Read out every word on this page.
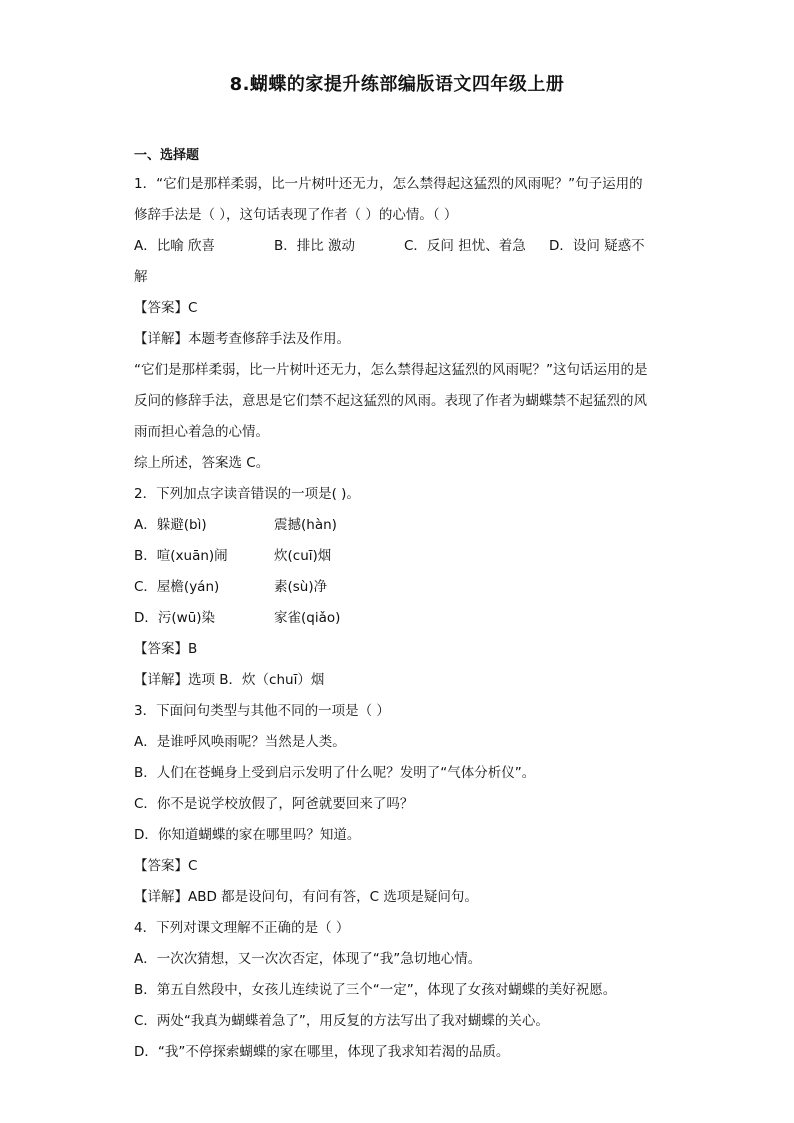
8.蝴蝶的家提升练部编版语文四年级上册
一、选择题
1．“它们是那样柔弱，比一片树叶还无力，怎么禁得起这猛烈的风雨呢？”句子运用的
修辞手法是（ ），这句话表现了作者（ ）的心情。（ ）
A．比喻 欣喜	B．排比 激动	C．反问 担忧、着急 D．设问 疑惑不
解
【答案】C
【详解】本题考查修辞手法及作用。
“它们是那样柔弱，比一片树叶还无力，怎么禁得起这猛烈的风雨呢？”这句话运用的是
反问的修辞手法，意思是它们禁不起这猛烈的风雨。表现了作者为蝴蝶禁不起猛烈的风
雨而担心着急的心情。
综上所述，答案选 C。
2．下列加点字读音错误的一项是( )。
A．躲避(bì)	震撼(hàn)
B．喧(xuān)闹	炊(cuī)烟
C．屋檐(yán)	素(sù)净
D．污(wū)染	家雀(qiǎo)
【答案】B
【详解】选项 B．炊（chuī）烟
3．下面问句类型与其他不同的一项是（ ）
A．是谁呼风唤雨呢？当然是人类。
B．人们在苍蝇身上受到启示发明了什么呢？发明了“气体分析仪”。
C．你不是说学校放假了，阿爸就要回来了吗？
D．你知道蝴蝶的家在哪里吗？知道。
【答案】C
【详解】ABD 都是设问句，有问有答，C 选项是疑问句。
4．下列对课文理解不正确的是（ ）
A．一次次猜想，又一次次否定，体现了“我”急切地心情。
B．第五自然段中，女孩儿连续说了三个“一定”，体现了女孩对蝴蝶的美好祝愿。
C．两处“我真为蝴蝶着急了”，用反复的方法写出了我对蝴蝶的关心。
D．“我”不停探索蝴蝶的家在哪里，体现了我求知若渴的品质。
